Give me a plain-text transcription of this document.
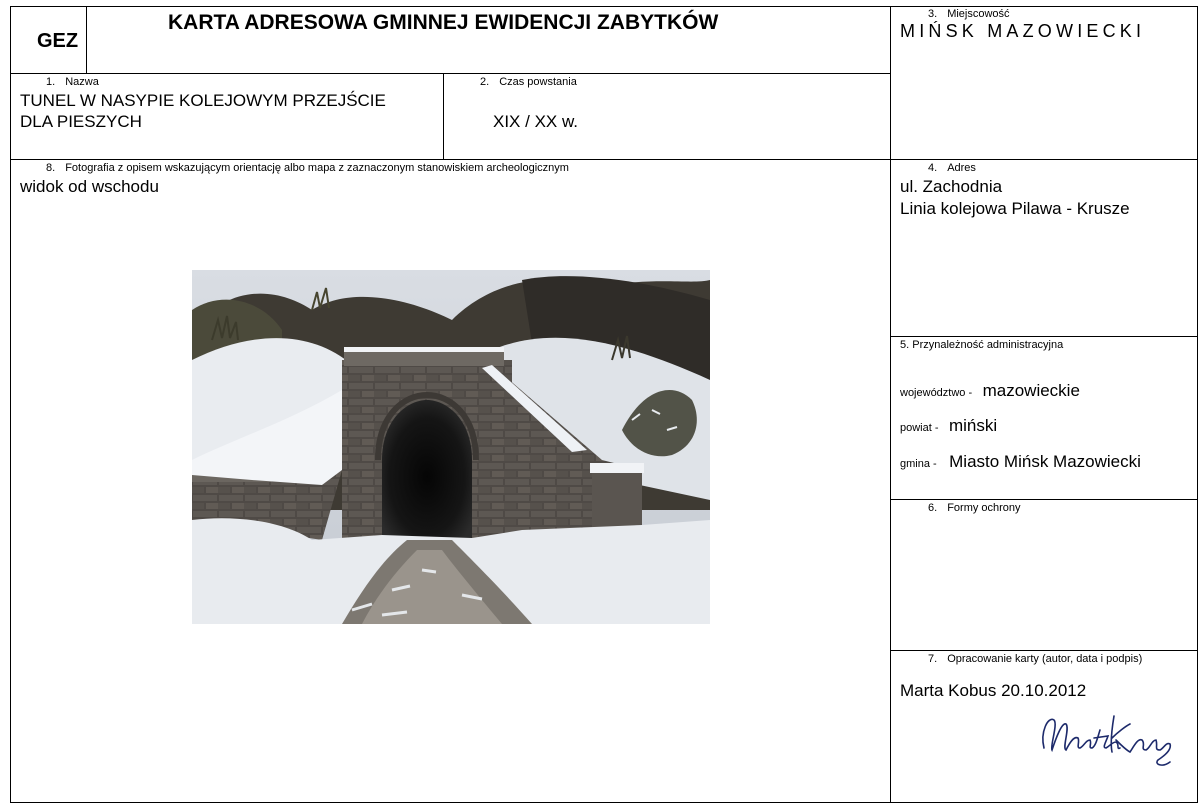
GEZ
KARTA ADRESOWA GMINNEJ EWIDENCJI ZABYTKÓW	3. Miejscowość
MIŃSK MAZOWIECKI
1. Nazwa
TUNEL W NASYPIE KOLEJOWYM PRZEJŚCIE
DLA PIESZYCH
2. Czas powstania
XIX / XX w.
8. Fotografia z opisem wskazującym orientację albo mapa z zaznaczonym stanowiskiem archeologicznym
widok od wschodu
4. Adres
ul. Zachodnia
Linia kolejowa Pilawa - Krusze
5. Przynależność administracyjna
województwo - mazowieckie
powiat - miński
gmina - Miasto Mińsk Mazowiecki
6. Formy ochrony
7. Opracowanie karty (autor, data i podpis)
Marta Kobus 20.10.2012
